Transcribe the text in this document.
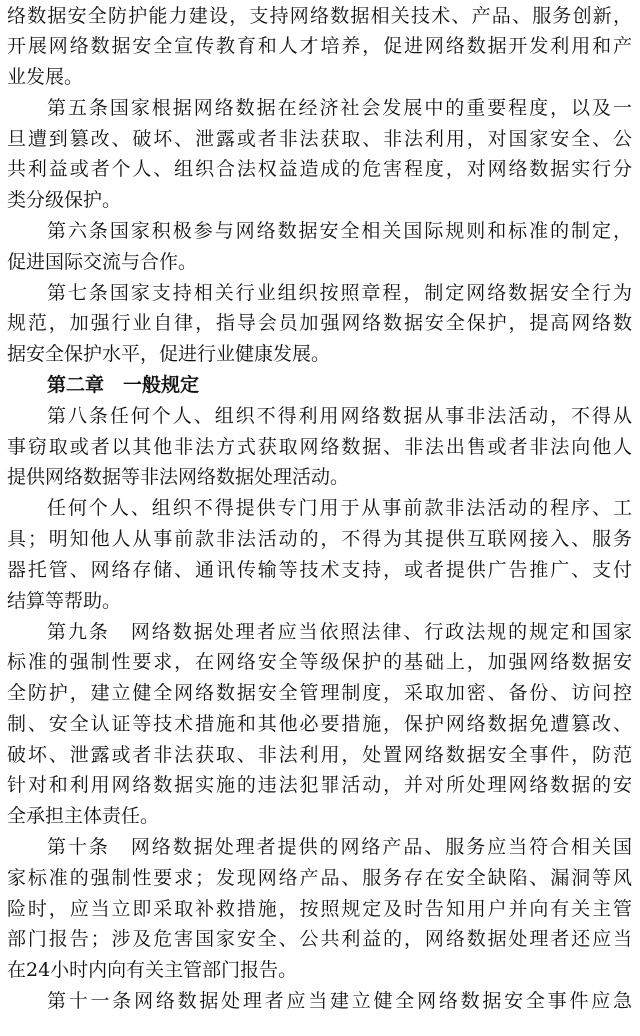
络数据安全防护能力建设，支持网络数据相关技术、产品、服务创新，
开展网络数据安全宣传教育和人才培养，促进网络数据开发利用和产
业发展。
第五条国家根据网络数据在经济社会发展中的重要程度，以及一
旦遭到篡改、破坏、泄露或者非法获取、非法利用，对国家安全、公
共利益或者个人、组织合法权益造成的危害程度，对网络数据实行分
类分级保护。
第六条国家积极参与网络数据安全相关国际规则和标准的制定，
促进国际交流与合作。
第七条国家支持相关行业组织按照章程，制定网络数据安全行为
规范，加强行业自律，指导会员加强网络数据安全保护，提高网络数
据安全保护水平，促进行业健康发展。
第二章　一般规定
第八条任何个人、组织不得利用网络数据从事非法活动，不得从
事窃取或者以其他非法方式获取网络数据、非法出售或者非法向他人
提供网络数据等非法网络数据处理活动。
任何个人、组织不得提供专门用于从事前款非法活动的程序、工
具；明知他人从事前款非法活动的，不得为其提供互联网接入、服务
器托管、网络存储、通讯传输等技术支持，或者提供广告推广、支付
结算等帮助。
第九条　网络数据处理者应当依照法律、行政法规的规定和国家
标准的强制性要求，在网络安全等级保护的基础上，加强网络数据安
全防护，建立健全网络数据安全管理制度，采取加密、备份、访问控
制、安全认证等技术措施和其他必要措施，保护网络数据免遭篡改、
破坏、泄露或者非法获取、非法利用，处置网络数据安全事件，防范
针对和利用网络数据实施的违法犯罪活动，并对所处理网络数据的安
全承担主体责任。
第十条　网络数据处理者提供的网络产品、服务应当符合相关国
家标准的强制性要求；发现网络产品、服务存在安全缺陷、漏洞等风
险时，应当立即采取补救措施，按照规定及时告知用户并向有关主管
部门报告；涉及危害国家安全、公共利益的，网络数据处理者还应当
在24小时内向有关主管部门报告。
第十一条网络数据处理者应当建立健全网络数据安全事件应急
